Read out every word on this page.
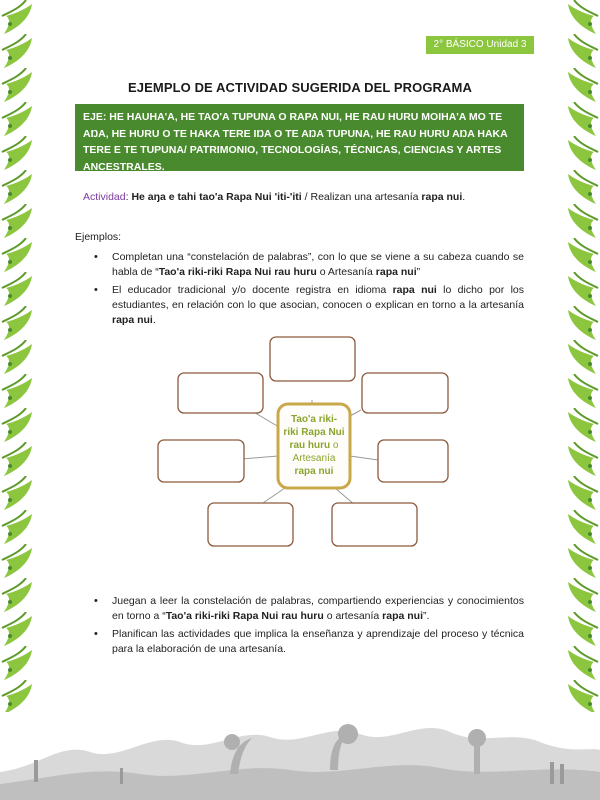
2° BÁSICO Unidad 3
EJEMPLO DE ACTIVIDAD SUGERIDA DEL PROGRAMA
EJE: HE HAUHA'A, HE TAO'A TUPUNA O RAPA NUI, HE RAU HURU MOIHA'A MO TE AŊA, HE HURU O TE HAKA TERE IŊA O TE AŊA TUPUNA, HE RAU HURU AŊA HAKA TERE E TE TUPUNA/ PATRIMONIO, TECNOLOGÍAS, TÉCNICAS, CIENCIAS Y ARTES ANCESTRALES.
Actividad: He aŋa e tahi tao'a Rapa Nui 'iti-'iti / Realizan una artesanía rapa nui.
Ejemplos:
• Completan una “constelación de palabras”, con lo que se viene a su cabeza cuando se habla de “Tao'a riki-riki Rapa Nui rau huru o Artesanía rapa nui”
• El educador tradicional y/o docente registra en idioma rapa nui lo dicho por los estudiantes, en relación con lo que asocian, conocen o explican en torno a la artesanía rapa nui.
Tao'a riki-
riki Rapa Nui
rau huru o
Artesanía
rapa nui
• Juegan a leer la constelación de palabras, compartiendo experiencias y conocimientos en torno a “Tao'a riki-riki Rapa Nui rau huru o artesanía rapa nui”.
• Planifican las actividades que implica la enseñanza y aprendizaje del proceso y técnica para la elaboración de una artesanía.
